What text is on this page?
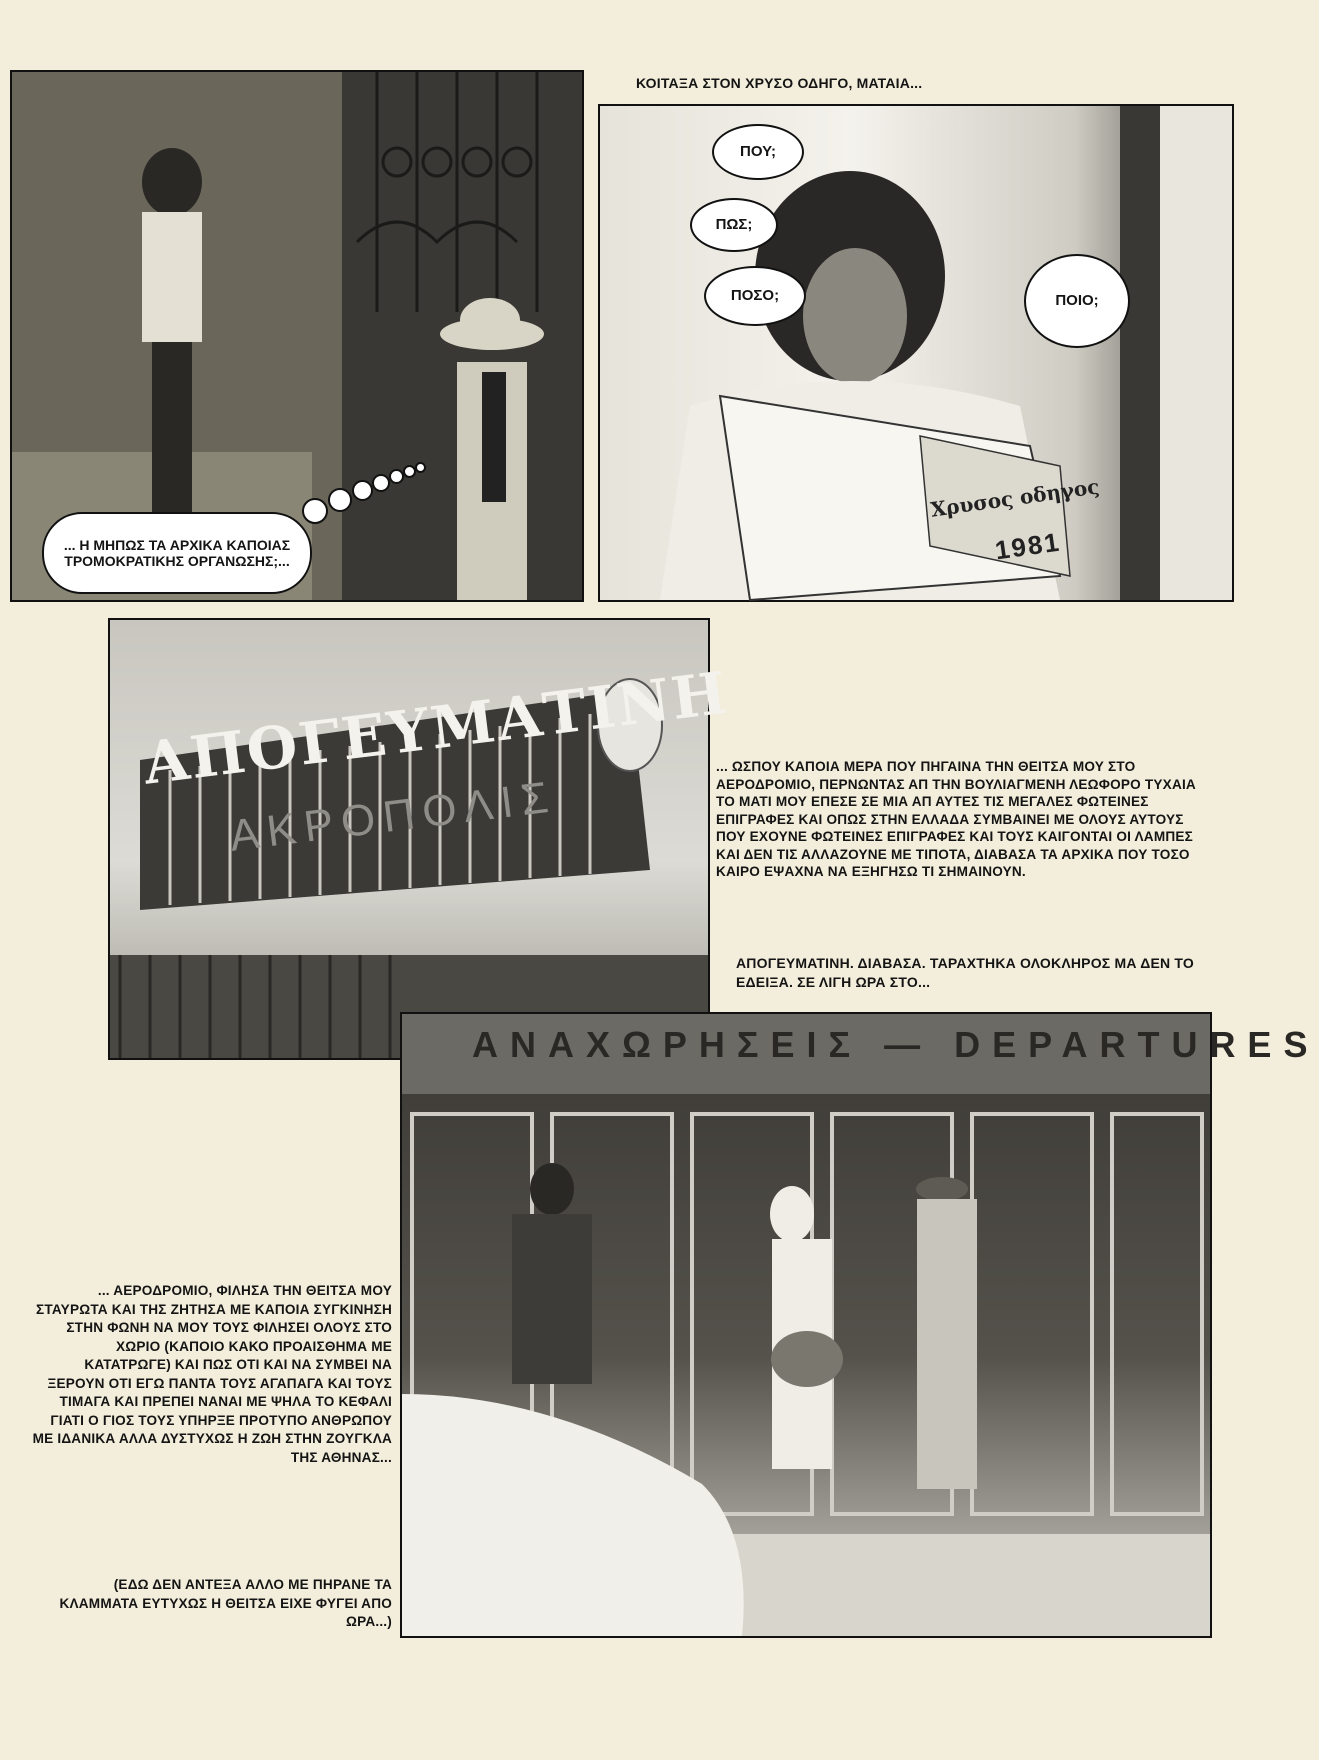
... Η ΜΗΠΩΣ ΤΑ ΑΡΧΙΚΑ ΚΑΠΟΙΑΣ ΤΡΟΜΟΚΡΑΤΙΚΗΣ ΟΡΓΑΝΩΣΗΣ;...
ΚΟΙΤΑΞΑ ΣΤΟΝ ΧΡΥΣΟ ΟΔΗΓΟ, ΜΑΤΑΙΑ...
Χρυσος οδηγος
1981
ΠΟΥ;
ΠΩΣ;
ΠΟΣΟ;	ΠΟΙΟ;
ΑΠΟΓΕΥΜΑΤΙΝΗ
ΑΚΡΟΠΟΛΙΣ
... ΩΣΠΟΥ ΚΑΠΟΙΑ ΜΕΡΑ ΠΟΥ ΠΗΓΑΙΝΑ ΤΗΝ ΘΕΙΤΣΑ ΜΟΥ ΣΤΟ ΑΕΡΟΔΡΟΜΙΟ, ΠΕΡΝΩΝΤΑΣ ΑΠ ΤΗΝ ΒΟΥΛΙΑΓΜΕΝΗ ΛΕΩΦΟΡΟ ΤΥΧΑΙΑ ΤΟ ΜΑΤΙ ΜΟΥ ΕΠΕΣΕ ΣΕ ΜΙΑ ΑΠ ΑΥΤΕΣ ΤΙΣ ΜΕΓΑΛΕΣ ΦΩΤΕΙΝΕΣ ΕΠΙΓΡΑΦΕΣ ΚΑΙ ΟΠΩΣ ΣΤΗΝ ΕΛΛΑΔΑ ΣΥΜΒΑΙΝΕΙ ΜΕ ΟΛΟΥΣ ΑΥΤΟΥΣ ΠΟΥ ΕΧΟΥΝΕ ΦΩΤΕΙΝΕΣ ΕΠΙΓΡΑΦΕΣ ΚΑΙ ΤΟΥΣ ΚΑΙΓΟΝΤΑΙ ΟΙ ΛΑΜΠΕΣ ΚΑΙ ΔΕΝ ΤΙΣ ΑΛΛΑΖΟΥΝΕ ΜΕ ΤΙΠΟΤΑ, ΔΙΑΒΑΣΑ ΤΑ ΑΡΧΙΚΑ ΠΟΥ ΤΟΣΟ ΚΑΙΡΟ ΕΨΑΧΝΑ ΝΑ ΕΞΗΓΗΣΩ ΤΙ ΣΗΜΑΙΝΟΥΝ.
ΑΠΟΓΕΥΜΑΤΙΝΗ. ΔΙΑΒΑΣΑ. ΤΑΡΑΧΤΗΚΑ ΟΛΟΚΛΗΡΟΣ ΜΑ ΔΕΝ ΤΟ ΕΔΕΙΞΑ. ΣΕ ΛΙΓΗ ΩΡΑ ΣΤΟ...
ΑΝΑΧΩΡΗΣΕΙΣ — DEPARTURES
... ΑΕΡΟΔΡΟΜΙΟ, ΦΙΛΗΣΑ ΤΗΝ ΘΕΙΤΣΑ ΜΟΥ ΣΤΑΥΡΩΤΑ ΚΑΙ ΤΗΣ ΖΗΤΗΣΑ ΜΕ ΚΑΠΟΙΑ ΣΥΓΚΙΝΗΣΗ ΣΤΗΝ ΦΩΝΗ ΝΑ ΜΟΥ ΤΟΥΣ ΦΙΛΗΣΕΙ ΟΛΟΥΣ ΣΤΟ ΧΩΡΙΟ (ΚΑΠΟΙΟ ΚΑΚΟ ΠΡΟΑΙΣΘΗΜΑ ΜΕ ΚΑΤΑΤΡΩΓΕ) ΚΑΙ ΠΩΣ ΟΤΙ ΚΑΙ ΝΑ ΣΥΜΒΕΙ ΝΑ ΞΕΡΟΥΝ ΟΤΙ ΕΓΩ ΠΑΝΤΑ ΤΟΥΣ ΑΓΑΠΑΓΑ ΚΑΙ ΤΟΥΣ ΤΙΜΑΓΑ ΚΑΙ ΠΡΕΠΕΙ ΝΑΝΑΙ ΜΕ ΨΗΛΑ ΤΟ ΚΕΦΑΛΙ ΓΙΑΤΙ Ο ΓΙΟΣ ΤΟΥΣ ΥΠΗΡΞΕ ΠΡΟΤΥΠΟ ΑΝΘΡΩΠΟΥ ΜΕ ΙΔΑΝΙΚΑ ΑΛΛΑ ΔΥΣΤΥΧΩΣ Η ΖΩΗ ΣΤΗΝ ΖΟΥΓΚΛΑ ΤΗΣ ΑΘΗΝΑΣ...
(ΕΔΩ ΔΕΝ ΑΝΤΕΞΑ ΑΛΛΟ ΜΕ ΠΗΡΑΝΕ ΤΑ ΚΛΑΜΜΑΤΑ ΕΥΤΥΧΩΣ Η ΘΕΙΤΣΑ ΕΙΧΕ ΦΥΓΕΙ ΑΠΟ ΩΡΑ...)
